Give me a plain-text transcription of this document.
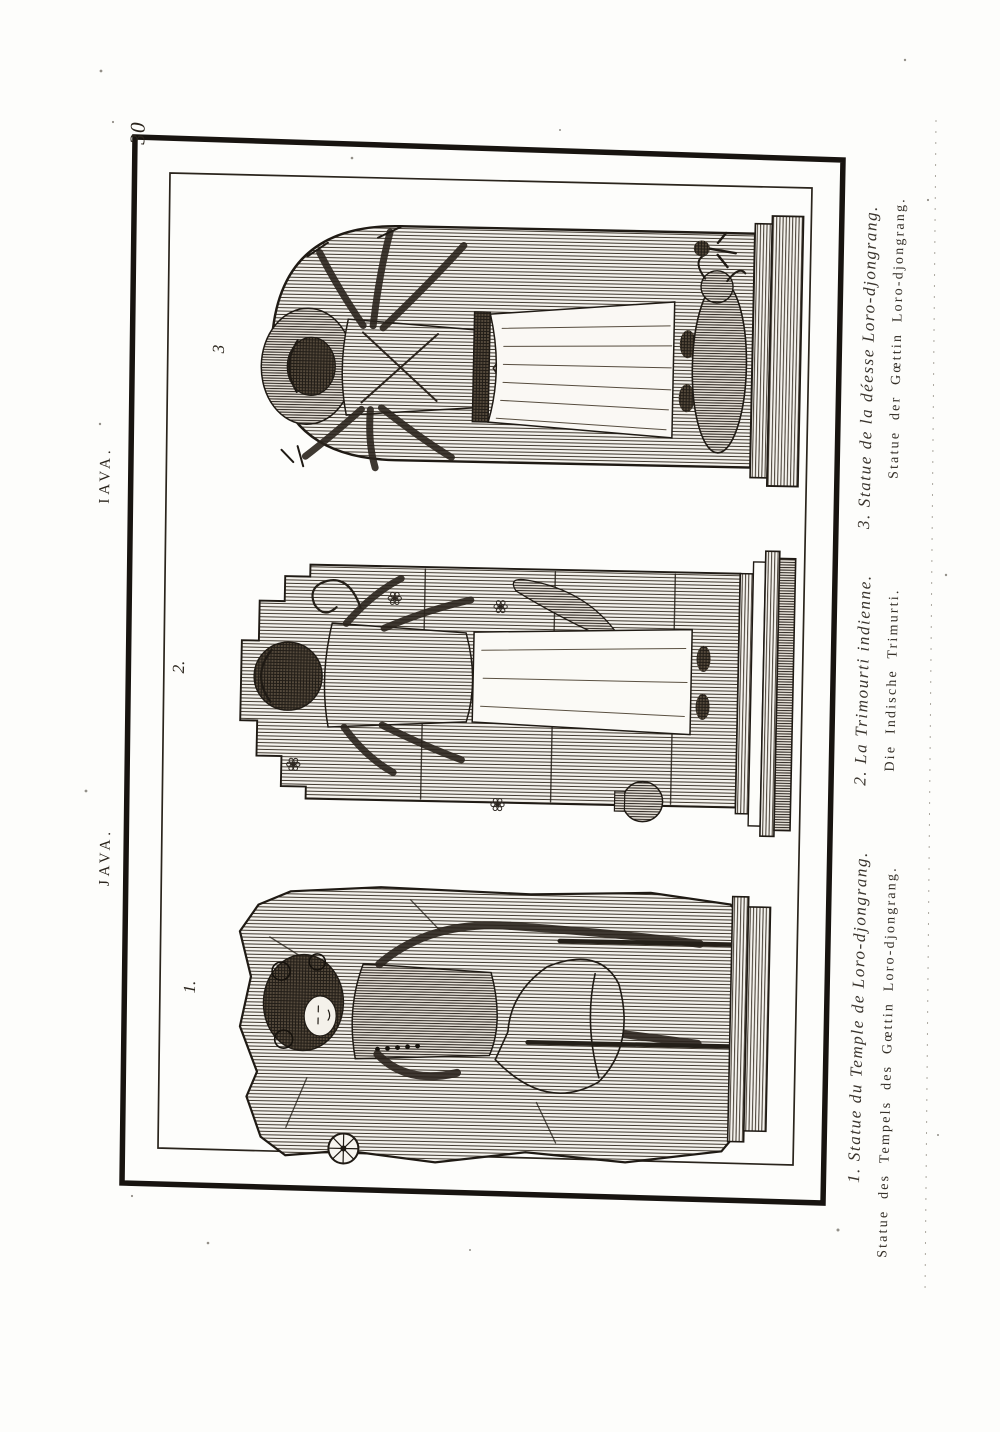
30
IAVA.
JAVA.
3
2.
1.	1. Statue du Temple de Loro-djongrang.
2. La Trimourti indienne.
3. Statue de la déesse Loro-djongrang.
Statue des Tempels des Gœttin Loro-djongrang.
Die Indische Trimurti.
Statue der Gœttin Loro-djongrang.
